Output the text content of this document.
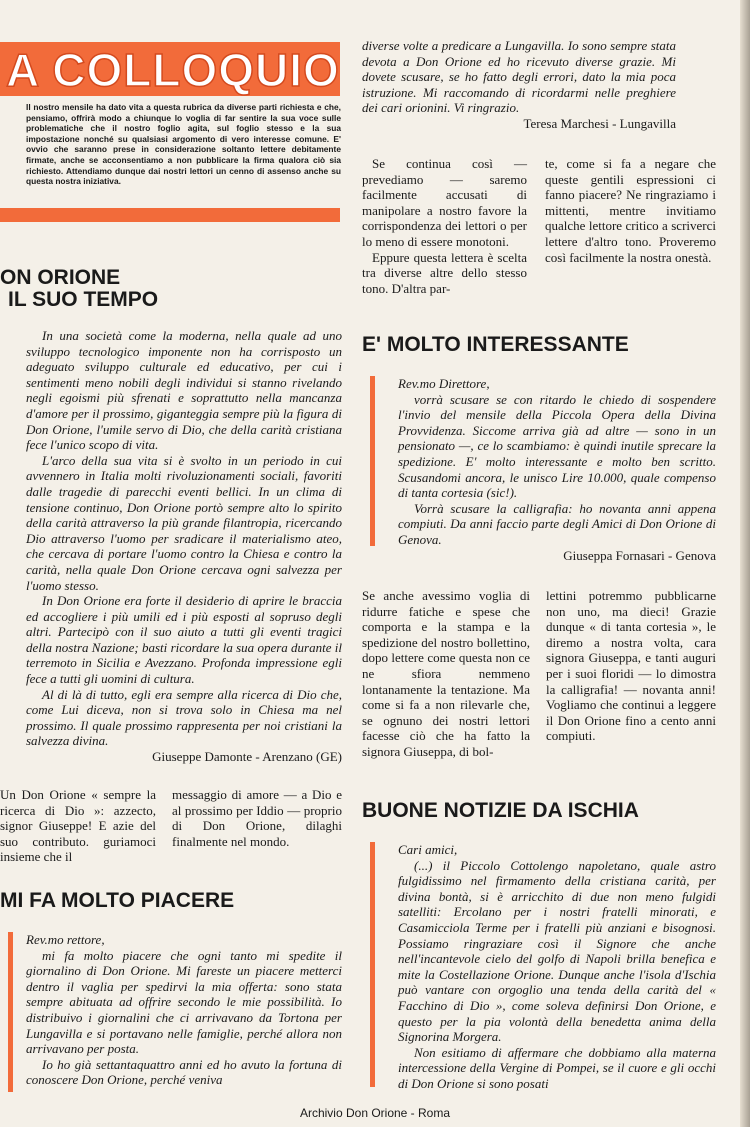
A COLLOQUIO
Il nostro mensile ha dato vita a questa rubrica da diverse parti richiesta e che, pensiamo, offrirà modo a chiunque lo voglia di far sentire la sua voce sulle problematiche che il nostro foglio agita, sul foglio stesso e la sua impostazione nonché su qualsiasi argomento di vero interesse comune. E' ovvio che saranno prese in considerazione soltanto lettere debitamente firmate, anche se acconsentiamo a non pubblicare la firma qualora ciò sia richiesto. Attendiamo dunque dai nostri lettori un cenno di assenso anche su questa nostra iniziativa.
ON ORIONE
IL SUO TEMPO

In una società come la moderna, nella quale ad uno sviluppo tecnologico imponente non ha corrisposto un adeguato sviluppo culturale ed educativo, per cui i sentimenti meno nobili degli individui si stanno rivelando negli egoismi più sfrenati e soprattutto nella mancanza d'amore per il prossimo, giganteggia sempre più la figura di Don Orione, l'umile servo di Dio, che della carità cristiana fece l'unico scopo di vita.

L'arco della sua vita si è svolto in un periodo in cui avvennero in Italia molti rivoluzionamenti sociali, favoriti dalle tragedie di parecchi eventi bellici. In un clima di tensione continuo, Don Orione portò sempre alto lo spirito della carità attraverso la più grande filantropia, ricercando Dio attraverso l'uomo per sradicare il materialismo ateo, che cercava di portare l'uomo contro la Chiesa e contro la carità, nella quale Don Orione cercava ogni salvezza per l'uomo stesso.

In Don Orione era forte il desiderio di aprire le braccia ed accogliere i più umili ed i più esposti al sopruso degli altri. Partecipò con il suo aiuto a tutti gli eventi tragici della nostra Nazione; basti ricordare la sua opera durante il terremoto in Sicilia e Avezzano. Profonda impressione egli fece a tutti gli uomini di cultura.

Al di là di tutto, egli era sempre alla ricerca di Dio che, come Lui diceva, non si trova solo in Chiesa ma nel prossimo. Il quale prossimo rappresenta per noi cristiani la salvezza divina.

Giuseppe Damonte - Arenzano (GE)
Un Don Orione « sempre la ricerca di Dio »: azzecto, signor Giuseppe! E azie del suo contributo. guriamoci insieme che il
messaggio di amore — a Dio e al prossimo per Iddio — proprio di Don Orione, dilaghi finalmente nel mondo.
MI FA MOLTO PIACERE

Rev.mo rettore,

mi fa molto piacere che ogni tanto mi spedite il giornalino di Don Orione. Mi fareste un piacere metterci dentro il vaglia per spedirvi la mia offerta: sono stata sempre abituata ad offrire secondo le mie possibilità. Io distribuivo i giornalini che ci arrivavano da Tortona per Lungavilla e si portavano nelle famiglie, perché allora non arrivavano per posta.

Io ho già settantaquattro anni ed ho avuto la fortuna di conoscere Don Orione, perché veniva

diverse volte a predicare a Lungavilla. Io sono sempre stata devota a Don Orione ed ho ricevuto diverse grazie. Mi dovete scusare, se ho fatto degli errori, dato la mia poca istruzione. Mi raccomando di ricordarmi nelle preghiere dei cari orionini. Vi ringrazio.

Teresa Marchesi - Lungavilla

Se continua così — prevediamo — saremo facilmente accusati di manipolare a nostro favore la corrispondenza dei lettori o per lo meno di essere monotoni.

Eppure questa lettera è scelta tra diverse altre dello stesso tono. D'altra par-

te, come si fa a negare che queste gentili espressioni ci fanno piacere? Ne ringraziamo i mittenti, mentre invitiamo qualche lettore critico a scriverci lettere d'altro tono. Proveremo così facilmente la nostra onestà.
E' MOLTO INTERESSANTE

Rev.mo Direttore,

vorrà scusare se con ritardo le chiedo di sospendere l'invio del mensile della Piccola Opera della Divina Provvidenza. Siccome arriva già ad altre — sono in un pensionato —, ce lo scambiamo: è quindi inutile sprecare la spedizione. E' molto interessante e molto ben scritto. Scusandomi ancora, le unisco Lire 10.000, quale compenso di tanta cortesia (sic!).

Vorrà scusare la calligrafia: ho novanta anni appena compiuti. Da anni faccio parte degli Amici di Don Orione di Genova.

Giuseppa Fornasari - Genova
Se anche avessimo voglia di ridurre fatiche e spese che comporta e la stampa e la spedizione del nostro bollettino, dopo lettere come questa non ce ne sfiora nemmeno lontanamente la tentazione. Ma come si fa a non rilevarle che, se ognuno dei nostri lettori facesse ciò che ha fatto la signora Giuseppa, di bol-
lettini potremmo pubblicarne non uno, ma dieci! Grazie dunque « di tanta cortesia », le diremo a nostra volta, cara signora Giuseppa, e tanti auguri per i suoi floridi — lo dimostra la calligrafia! — novanta anni! Vogliamo che continui a leggere il Don Orione fino a cento anni compiuti.
BUONE NOTIZIE DA ISCHIA

Cari amici,

(...) il Piccolo Cottolengo napoletano, quale astro fulgidissimo nel firmamento della cristiana carità, per divina bontà, si è arricchito di due non meno fulgidi satelliti: Ercolano per i nostri fratelli minorati, e Casamicciola Terme per i fratelli più anziani e bisognosi. Possiamo ringraziare così il Signore che anche nell'incantevole cielo del golfo di Napoli brilla benefica e mite la Costellazione Orione. Dunque anche l'isola d'Ischia può vantare con orgoglio una tenda della carità del « Facchino di Dio », come soleva definirsi Don Orione, e questo per la pia volontà della benedetta anima della Signorina Morgera.

Non esitiamo di affermare che dobbiamo alla materna intercessione della Vergine di Pompei, se il cuore e gli occhi di Don Orione si sono posati

Archivio Don Orione - Roma
